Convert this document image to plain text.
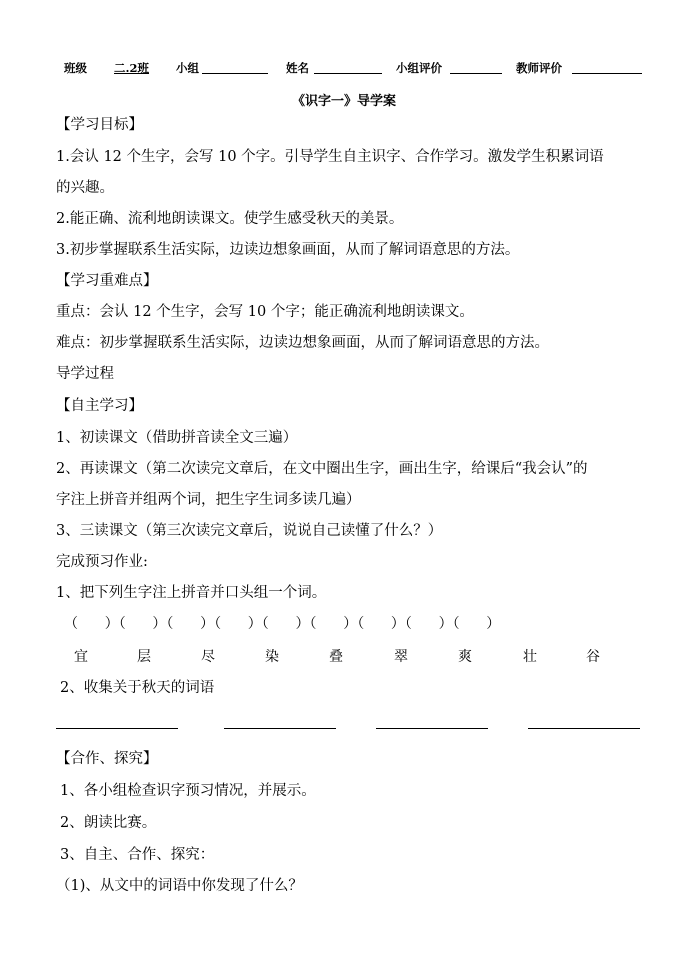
班级 二.2班 小组	姓名	小组评价	教师评价
《识字一》导学案
【学习目标】
1.会认 12 个生字，会写 10 个字。引导学生自主识字、合作学习。激发学生积累词语
的兴趣。
2.能正确、流利地朗读课文。使学生感受秋天的美景。
3.初步掌握联系生活实际，边读边想象画面，从而了解词语意思的方法。
【学习重难点】
重点：会认 12 个生字，会写 10 个字；能正确流利地朗读课文。
难点：初步掌握联系生活实际，边读边想象画面，从而了解词语意思的方法。
导学过程
【自主学习】
1、初读课文（借助拼音读全文三遍）
2、再读课文（第二次读完文章后，在文中圈出生字，画出生字，给课后“我会认”的
字注上拼音并组两个词，把生字生词多读几遍）
3、三读课文（第三次读完文章后，说说自己读懂了什么？）
完成预习作业:
1、把下列生字注上拼音并口头组一个词。
（      ）（      ）（      ）（      ）（      ）（      ）（      ）（      ）（      ）
宜	层	尽	染	叠	翠	爽	壮	谷
2、收集关于秋天的词语
【合作、探究】
1、各小组检查识字预习情况，并展示。
2、朗读比赛。
3、自主、合作、探究：
（1)、从文中的词语中你发现了什么？
